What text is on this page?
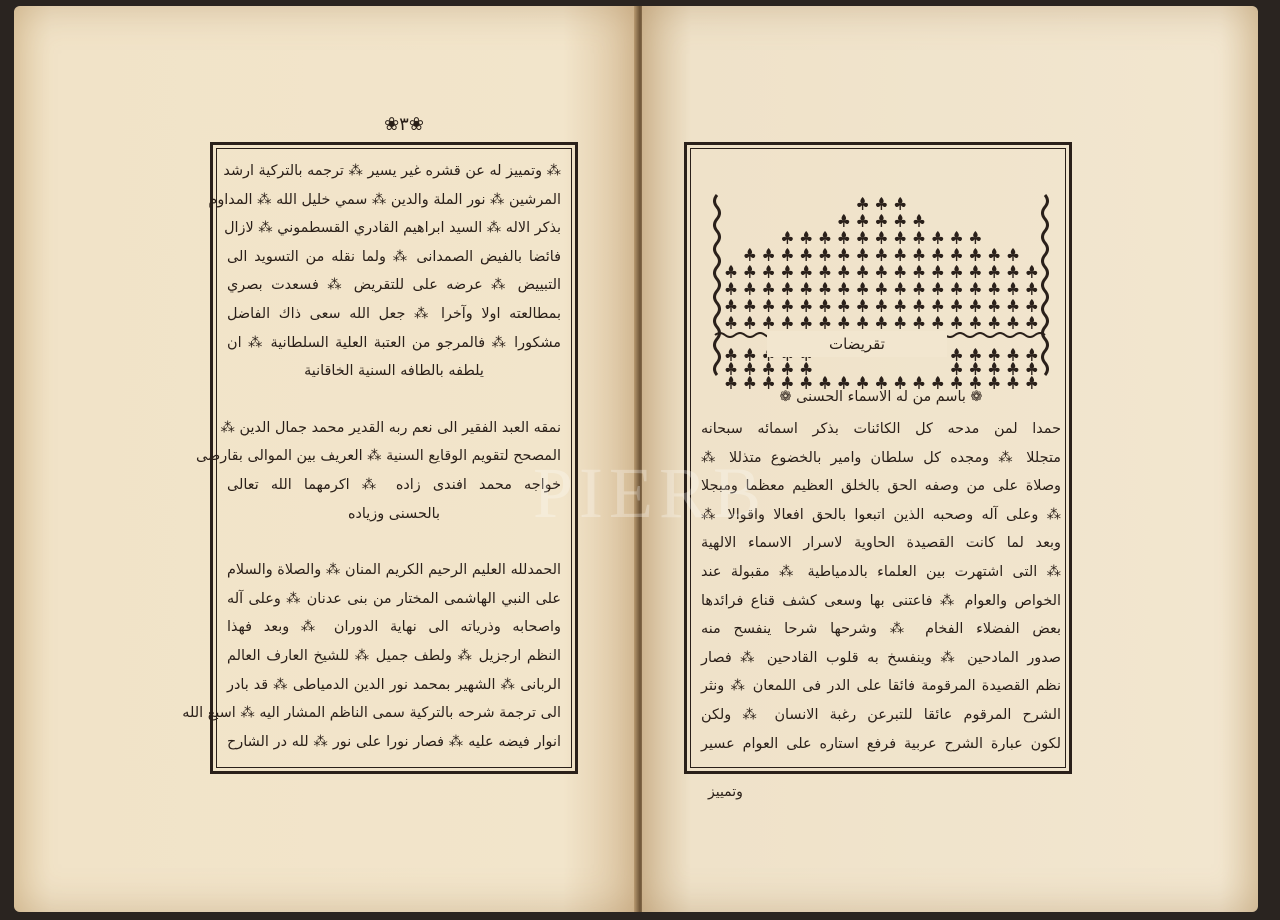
❀٣❀
⁂ وتمييز له عن قشره غير يسير ⁂ ترجمه بالتركية ارشد
المرشين ⁂ نور الملة والدين ⁂ سمي خليل الله ⁂ المداوم
بذكر الاله ⁂ السيد ابراهيم القادري القسطموني ⁂ لازال
فائضا بالفيض الصمدانى ⁂ ولما نقله من التسويد الى
التبييض ⁂ عرضه على للتقريض ⁂ فسعدت بصري
بمطالعته اولا وآخرا ⁂ جعل الله سعى ذاك الفاضل
مشكورا ⁂ فالمرجو من العتبة العلية السلطانية ⁂ ان
يلطفه بالطافه السنية الخاقانية
نمقه العبد الفقير الى نعم ربه القدير محمد جمال الدين ⁂
المصحح لتقويم الوقايع السنية ⁂ العريف بين الموالى بقارصى
خواجه محمد افندى زاده ⁂ اكرمهما الله تعالى
بالحسنى وزياده
الحمدلله العليم الرحيم الكريم المنان ⁂ والصلاة والسلام
على النبي الهاشمى المختار من بنى عدنان ⁂ وعلى آله
واصحابه وذرياته الى نهاية الدوران ⁂ وبعد فهذا
النظم ارجزيل ⁂ ولطف جميل ⁂ للشيخ العارف العالم
الربانى ⁂ الشهير بمحمد نور الدين الدمياطى ⁂ قد بادر
الى ترجمة شرحه بالتركية سمى الناظم المشار اليه ⁂ اسبغ الله
انوار فيضه عليه ⁂ فصار نورا على نور ⁂ لله در الشارح
تقريضات
❁ باسم من له الاسماء الحسنى ❁
حمدا لمن مدحه كل الكائنات بذكر اسمائه سبحانه
متجللا ⁂ ومجده كل سلطان وامير بالخضوع متذللا ⁂
وصلاة على من وصفه الحق بالخلق العظيم معظما ومبجلا
⁂ وعلى آله وصحبه الذين اتبعوا بالحق افعالا واقوالا ⁂
وبعد لما كانت القصيدة الحاوية لاسرار الاسماء الالهية
⁂ التى اشتهرت بين العلماء بالدمياطية ⁂ مقبولة عند
الخواص والعوام ⁂ فاعتنى بها وسعى كشف قناع فرائدها
بعض الفضلاء الفخام ⁂ وشرحها شرحا ينفسح منه
صدور المادحين ⁂ وينفسخ به قلوب القادحين ⁂ فصار
نظم القصيدة المرقومة فائقا على الدر فى اللمعان ⁂ ونثر
الشرح المرقوم عائقا للتبرعن رغبة الانسان ⁂ ولكن
لكون عبارة الشرح عربية فرفع استاره على العوام عسير
وتمييز
PIERB
